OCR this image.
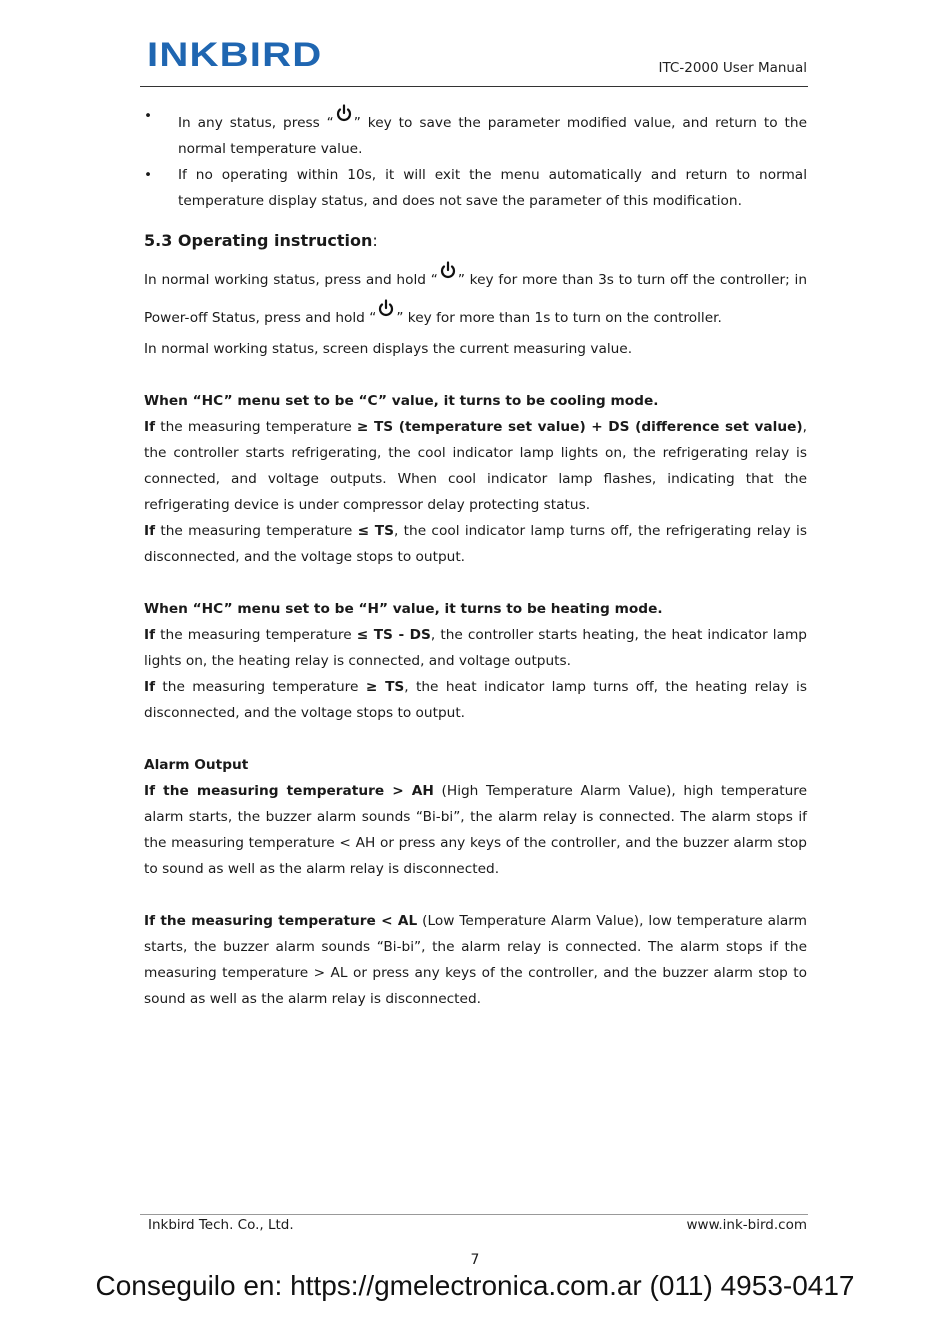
INKBIRD	ITC-2000 User Manual
• In any status, press “ ” key to save the parameter modified value, and return to the normal temperature value.
• If no operating within 10s, it will exit the menu automatically and return to normal temperature display status, and does not save the parameter of this modification.
5.3 Operating instruction:

In normal working status, press and hold “ ” key for more than 3s to turn off the controller; in Power-off Status, press and hold “ ” key for more than 1s to turn on the controller.

In normal working status, screen displays the current measuring value.

When “HC” menu set to be “C” value, it turns to be cooling mode.

If the measuring temperature ≥ TS (temperature set value) + DS (difference set value), the controller starts refrigerating, the cool indicator lamp lights on, the refrigerating relay is connected, and voltage outputs. When cool indicator lamp flashes, indicating that the refrigerating device is under compressor delay protecting status.

If the measuring temperature ≤ TS, the cool indicator lamp turns off, the refrigerating relay is disconnected, and the voltage stops to output.

When “HC” menu set to be “H” value, it turns to be heating mode.

If the measuring temperature ≤ TS - DS, the controller starts heating, the heat indicator lamp lights on, the heating relay is connected, and voltage outputs.

If the measuring temperature ≥ TS, the heat indicator lamp turns off, the heating relay is disconnected, and the voltage stops to output.

Alarm Output

If the measuring temperature > AH (High Temperature Alarm Value), high temperature alarm starts, the buzzer alarm sounds “Bi-bi”, the alarm relay is connected. The alarm stops if the measuring temperature < AH or press any keys of the controller, and the buzzer alarm stop to sound as well as the alarm relay is disconnected.

If the measuring temperature < AL (Low Temperature Alarm Value), low temperature alarm starts, the buzzer alarm sounds “Bi-bi”, the alarm relay is connected. The alarm stops if the measuring temperature > AL or press any keys of the controller, and the buzzer alarm stop to sound as well as the alarm relay is disconnected.

Inkbird Tech. Co., Ltd.	www.ink-bird.com
7
Conseguilo en: https://gmelectronica.com.ar (011) 4953-0417
